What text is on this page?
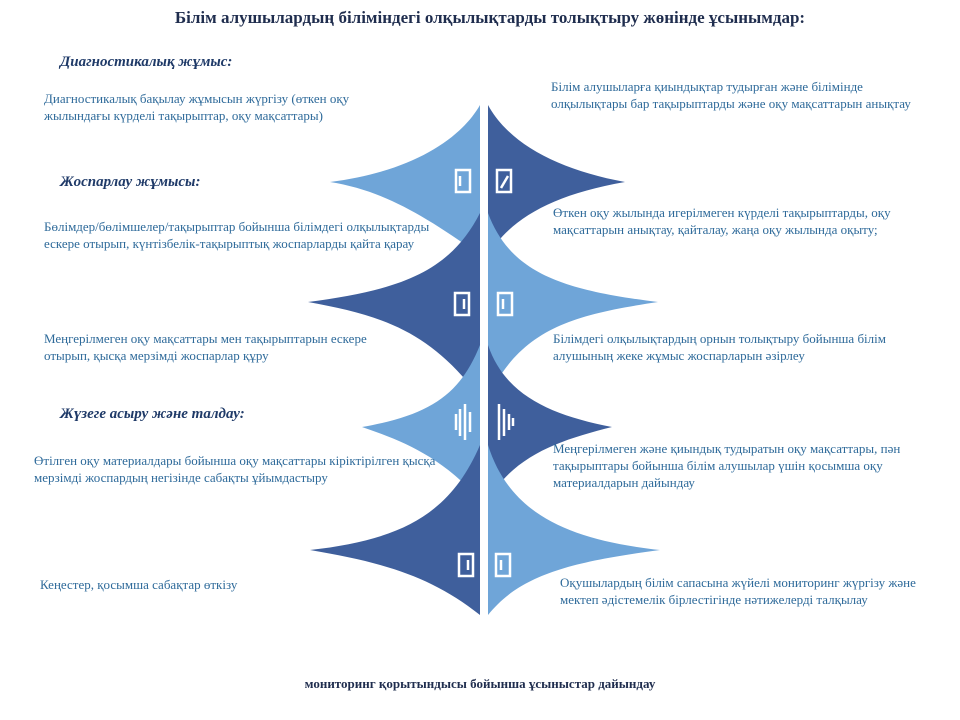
Білім алушылардың біліміндегі олқылықтарды толықтыру жөнінде ұсынымдар:
Диагностикалық жұмыс:
Жоспарлау жұмысы:
Жүзеге асыру және талдау:
Диагностикалық бақылау жұмысын жүргізу (өткен оқу жылындағы күрделі тақырыптар, оқу мақсаттары)
Бөлімдер/бөлімшелер/тақырыптар бойынша білімдегі олқылықтарды ескере отырып, күнтізбелік-тақырыптық жоспарларды қайта қарау
Меңгерілмеген оқу мақсаттары мен тақырыптарын ескере отырып, қысқа мерзімді жоспарлар құру
Өтілген оқу материалдары бойынша оқу мақсаттары кіріктірілген қысқа мерзімді жоспардың негізінде сабақты ұйымдастыру
Кеңестер, қосымша сабақтар өткізу
Білім алушыларға қиындықтар тудырған және білімінде олқылықтары бар тақырыптарды және оқу мақсаттарын анықтау
Өткен оқу жылында игерілмеген күрделі тақырыптарды, оқу мақсаттарын анықтау, қайталау, жаңа оқу жылында оқыту;
Білімдегі олқылықтардың орнын толықтыру бойынша білім алушының жеке жұмыс жоспарларын әзірлеу
Меңгерілмеген және қиындық тудыратын оқу мақсаттары, пән тақырыптары бойынша білім алушылар үшін қосымша оқу материалдарын дайындау
Оқушылардың білім сапасына жүйелі мониторинг жүргізу және мектеп әдістемелік бірлестігінде нәтижелерді талқылау
мониторинг қорытындысы бойынша ұсыныстар дайындау
